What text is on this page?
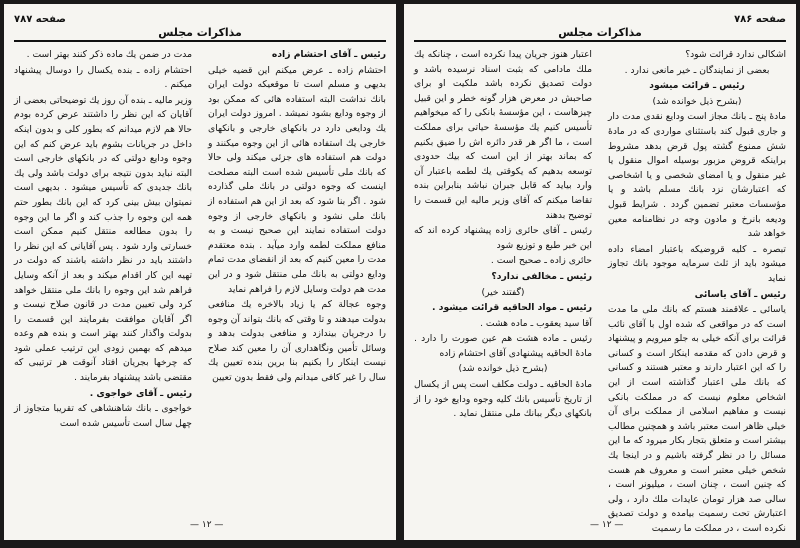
صفحه ۷۸۷
مذاکرات مجلس

رئیس ـ آقای احتشام زاده

احتشام زاده ـ عرض میکنم این قضیه خیلی بدیهی و مسلم است تا موقعیکه دولت ایران بانك نداشت البته استفاده هائی که ممکن بود از وجوه ودایع بشود نمیشد . امروز دولت ایران یك ودایعی دارد در بانکهای خارجی و بانکهای خارجی یك استفاده هائی از این وجوه میکنند و دولت هم استفاده های جزئی میکند ولی حالا که بانك ملی تأسیس شده است البته مصلحت اینست که وجوه دولتی در بانك ملی گذارده شود . اگر بنا شود که بعد از این هم استفاده از بانك ملی نشود و بانکهای خارجی از وجوه دولت استفاده نمایند این صحیح نیست و به منافع مملکت لطمه وارد میآید . بنده معتقدم مدت را معین کنیم که بعد از انقضای مدت تمام ودایع دولتی به بانك ملی منتقل شود و در این مدت هم دولت وسایل لازم را فراهم نماید

وجوه عجالة کم یا زیاد بالاخره یك منافعی بدولت میدهند و تا وقتی که بانك بتواند آن وجوه را درجریان بیندازد و منافعی بدولت بدهد و وسائل تأمین ونگاهداری آن را معین کند صلاح نیست اینکار را بکنیم بنا برین بنده تعیین یك سال را غیر کافی میدانم ولی فقط بدون تعیین

مدت در ضمن یك ماده ذکر کنند بهتر است .

احتشام زاده ـ بنده یکسال را دوسال پیشنهاد میکنم .

وزیر مالیه ـ بنده آن روز یك توضیحاتی بعضی از آقایان که این نظر را داشتند عرض کرده بودم حالا هم لازم میدانم که بطور کلی و بدون اینکه داخل در جریانات بشوم باید عرض کنم که این وجوه ودایع دولتی که در بانکهای خارجی است البته نباید بدون نتیجه برای دولت باشد ولی یك بانك جدیدی که تأسیس میشود . بدیهی است نمیتوان بیش بینی کرد که این بانك بطور حتم همه این وجوه را جذب کند و اگر ما این وجوه را بدون مطالعه منتقل کنیم ممکن است خسارتی وارد شود . پس آقایانی که این نظر را داشتند باید در نظر داشته باشند که دولت در تهیه این کار اقدام میکند و بعد از آنکه وسایل فراهم شد این وجوه را بانك ملی منتقل خواهد کرد ولی تعیین مدت در قانون صلاح نیست و اگر آقایان موافقت بفرمایند این قسمت را بدولت واگذار کنند بهتر است و بنده هم وعده میدهم که بهمین زودی این ترتیب عملی شود که چرخها بجریان افتاد آنوقت هر ترتیبی که مقتضی باشد پیشنهاد بفرمایند .

رئیس ـ آقای خواجوی .

خواجوی ـ بانك شاهنشاهی که تقریبا متجاوز از چهل سال است تأسیس شده است

— ۱۲ —
صفحه ۷۸۶
مذاکرات مجلس

اشکالی ندارد قرائت شود؟

بعضی از نمایندگان ـ خیر مانعی ندارد .

رئیس ـ قرائت میشود

(بشرح ذیل خوانده شد)

مادهٔ پنج ـ بانك مجاز است ودایع نقدی مدت دار و جاری قبول کند باستثنای مواردی که در مادهٔ شش ممنوع گشته پول قرض بدهد مشروط براینکه قروض مزبور بوسیله اموال منقول یا غیر منقول و یا امضای شخصی و یا اشخاصی که اعتبارشان نزد بانك مسلم باشد و یا مؤسسات معتبر تضمین گردد . شرایط قبول ودیعه بانرخ و مادون وجه در نظامنامه معین خواهد شد

تبصره ـ کلیه قروضیکه باعتبار امضاء داده میشود باید از ثلث سرمایه موجود بانك تجاوز نماید

رئیس ـ آقای یاسائی

یاسائی ـ علاقمند هستم که بانك ملی ما مدت است که در مواقعی که شده اول با آقای نائب قرائت برای آنکه خیلی به جلو میرویم و پیشنهاد و قرض دادن که مقدمه اینکار است و کسانی را که این اعتبار دارند و معتبر هستند و کسانی که بانك ملی اعتبار گذاشته است از این اشخاص معلوم نیست که در مملکت بانکی نیست و مفاهیم اسلامی از مملکت برای آن خیلی ظاهر است معتبر باشد و همچنین مطالب بیشتر است و متعلق بتجار بکار میرود که ما این مسائل را در نظر گرفته باشیم و در اینجا یك شخص خیلی معتبر است و معروف هم هست که چنین است ، چنان است ، میلیونر است ، سالی صد هزار تومان عایدات ملك دارد ، ولی اعتبارش تحت رسمیت بیامده و دولت تصدیق نکرده است ، در مملکت ما رسمیت

اعتبار هنوز جریان پیدا نکرده است ، چنانکه یك ملك مادامی که بثبت اسناد نرسیده باشد و دولت تصدیق نکرده باشد ملکیت او برای صاحبش در معرض هزار گونه خطر و این قبیل چیزهاست ، این مؤسسهٔ بانکی را که میخواهیم تأسیس کنیم یك مؤسسهٔ حیاتی برای مملکت است ، ما اگر هر قدر دائره اش را ضیق بکنیم که بماند بهتر از این است که بیك حدودی توسعه بدهیم که یکوقتی یك لطمه باعتبار آن وارد بیاید که قابل جبران نباشد بنابراین بنده تقاضا میکنم که آقای وزیر مالیه این قسمت را توضیح بدهند

رئیس ـ آقای حائری زاده پیشنهاد کرده اند که این خبر طبع و توزیع شود

حائری زاده ـ صحیح است .

رئیس ـ مخالفی ندارد؟

(گفتند خیر)

رئیس ـ مواد الحاقیه قرائت میشود .

آقا سید یعقوب ـ ماده هشت .

رئیس ـ ماده هشت هم عین صورت را دارد . مادهٔ الحاقیه پیشنهادی آقای احتشام زاده

(بشرح ذیل خوانده شد)

مادهٔ الحاقیه ـ دولت مکلف است پس از یکسال از تاریخ تأسیس بانك کلیه وجوه ودایع خود را از بانکهای دیگر ببانك ملی منتقل نماید .

— ۱۲ —
